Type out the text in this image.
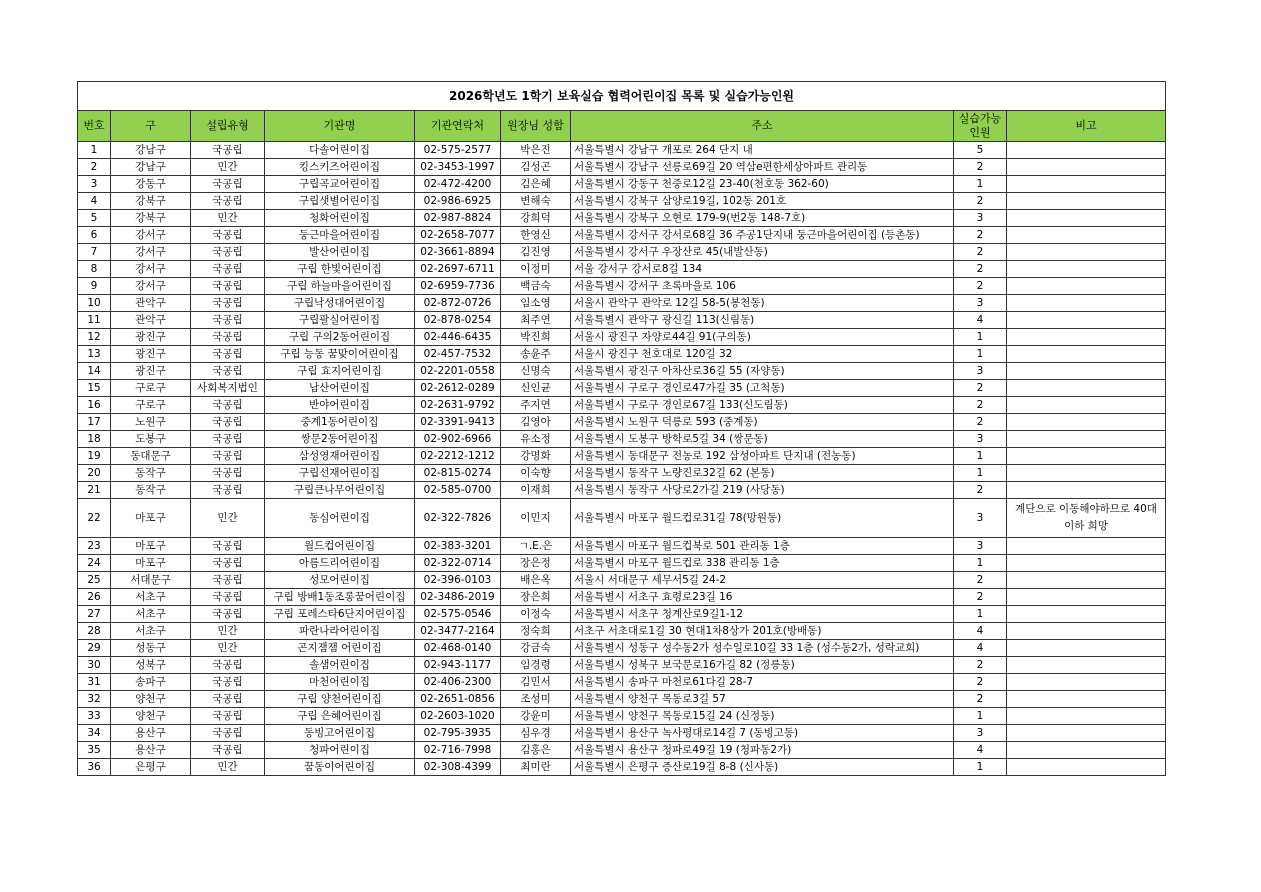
2026학년도 1학기 보육실습 협력어린이집 목록 및 실습가능인원								
번호	구	설립유형	기관명	기관연락처	원장님 성함	주소	실습가능 인원	비고
1	강남구	국공립	다솔어린이집	02-575-2577	박은진	서울특별시 강남구 개포로 264 단지 내	5	
2	강남구	민간	킹스키즈어린이집	02-3453-1997	김성곤	서울특별시 강남구 선릉로69길 20 역삼e편한세상아파트 관리동	2	
3	강동구	국공립	구립곡교어린이집	02-472-4200	김은혜	서울특별시 강동구 천중로12길 23-40(천호동 362-60)	1	
4	강북구	국공립	구립샛별어린이집	02-986-6925	변해숙	서울특별시 강북구 삼양로19길, 102동 201호	2	
5	강북구	민간	청화어린이집	02-987-8824	강희덕	서울특별시 강북구 오현로 179-9(번2동 148-7호)	3	
6	강서구	국공립	둥근마을어린이집	02-2658-7077	한영신	서울특별시 강서구 강서로68길 36 주공1단지내 둥근마을어린이집 (등촌동)	2	
7	강서구	국공립	발산어린이집	02-3661-8894	김진영	서울특별시 강서구 우장산로 45(내발산동)	2	
8	강서구	국공립	구립 한빛어린이집	02-2697-6711	이정미	서울 강서구 강서로8길 134	2	
9	강서구	국공립	구립 하늘마을어린이집	02-6959-7736	백금숙	서울특별시 강서구 초록마을로 106	2	
10	관악구	국공립	구립낙성대어린이집	02-872-0726	임소영	서울시 관악구 관악로 12길 58-5(봉천동)	3	
11	관악구	국공립	구립팔실어린이집	02-878-0254	최주연	서울특별시 관악구 광신길 113(신림동)	4	
12	광진구	국공립	구립 구의2동어린이집	02-446-6435	박진희	서울시 광진구 자양로44길 91(구의동)	1	
13	광진구	국공립	구립 능동 꿈맞이어린이집	02-457-7532	송윤주	서울시 광진구 천호대로 120길 32	1	
14	광진구	국공립	구립 효지어린이집	02-2201-0558	신명숙	서울특별시 광진구 아차산로36길 55 (자양동)	3	
15	구로구	사회복지법인	남산어린이집	02-2612-0289	신인균	서울특별시 구로구 경인로47가길 35 (고척동)	2	
16	구로구	국공립	반야어린이집	02-2631-9792	주지연	서울특별시 구로구 경인로67길 133(신도림동)	2	
17	노원구	국공립	중계1동어린이집	02-3391-9413	김영아	서울특별시 노원구 덕릉로 593 (중계동)	2	
18	도봉구	국공립	쌍문2동어린이집	02-902-6966	유소정	서울특별시 도봉구 방학로5길 34 (쌍문동)	3	
19	동대문구	국공립	삼성영재어린이집	02-2212-1212	강명화	서울특별시 동대문구 전농로 192 삼성아파트 단지내 (전농동)	1	
20	동작구	국공립	구립선재어린이집	02-815-0274	이숙향	서울특별시 동작구 노량진로32길 62 (본동)	1	
21	동작구	국공립	구립큰나무어린이집	02-585-0700	이재희	서울특별시 동작구 사당로2가길 219 (사당동)	2	
22	마포구	민간	동심어린이집	02-322-7826	이민지	서울특별시 마포구 월드컵로31길 78(망원동)	3	계단으로 이동해야하므로 40대 이하 희망
23	마포구	국공립	월드컵어린이집	02-383-3201	ㄱ.E.은	서울특별시 마포구 월드컵북로 501 관리동 1층	3	
24	마포구	국공립	아름드리어린이집	02-322-0714	장은정	서울특별시 마포구 월드컵로 338 관리동 1층	1	
25	서대문구	국공립	성모어린이집	02-396-0103	배은옥	서울시 서대문구 세무서5길 24-2	2	
26	서초구	국공립	구립 방배1동조롱꿈어린이집	02-3486-2019	장은희	서울특별시 서초구 효령로23길 16	2	
27	서초구	국공립	구립 포레스타6단지어린이집	02-575-0546	이정숙	서울특별시 서초구 청계산로9길1-12	1	
28	서초구	민간	파란나라어린이집	02-3477-2164	정숙희	서초구 서초대로1길 30 현대1차8상가 201호(방배동)	4	
29	성동구	민간	곤지잼잼 어린이집	02-468-0140	강금숙	서울특별시 성동구 성수동2가 성수일로10길 33 1층 (성수동2가, 성락교회)	4	
30	성북구	국공립	솔샘어린이집	02-943-1177	임경령	서울특별시 성북구 보국문로16가길 82 (정릉동)	2	
31	송파구	국공립	마천어린이집	02-406-2300	김민서	서울특별시 송파구 마천로61다길 28-7	2	
32	양천구	국공립	구립 양천어린이집	02-2651-0856	조성미	서울특별시 양천구 목동로3길 57	2	
33	양천구	국공립	구립 은혜어린이집	02-2603-1020	강윤미	서울특별시 양천구 목동로15길 24 (신정동)	1	
34	용산구	국공립	동빙고어린이집	02-795-3935	심우경	서울특별시 용산구 녹사평대로14길 7 (동빙고동)	3	
35	용산구	국공립	청파어린이집	02-716-7998	김홍은	서울특별시 용산구 청파로49길 19 (청파동2가)	4	
36	은평구	민간	꿈동이어린이집	02-308-4399	최미란	서울특별시 은평구 증산로19길 8-8 (신사동)	1	
